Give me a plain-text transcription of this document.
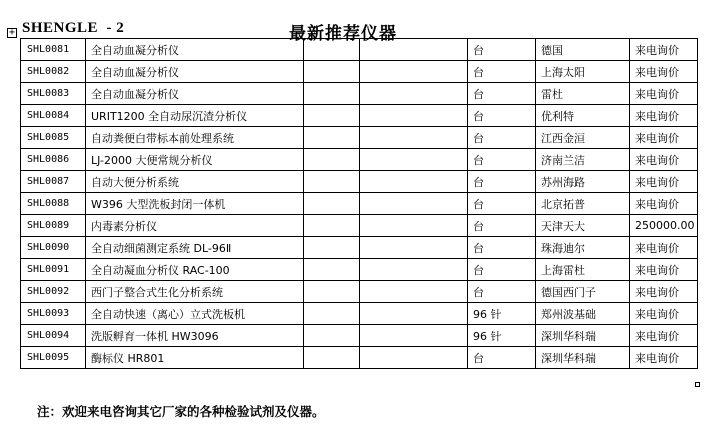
+ SHENGLE  - 2	最新推荐仪器
SHL0081	全自动血凝分析仪			台	德国	来电询价
SHL0082	全自动血凝分析仪			台	上海太阳	来电询价
SHL0083	全自动血凝分析仪			台	雷杜	来电询价
SHL0084	URIT1200 全自动尿沉渣分析仪			台	优利特	来电询价
SHL0085	自动粪便白带标本前处理系统			台	江西金洹	来电询价
SHL0086	LJ-2000 大便常规分析仪			台	济南兰洁	来电询价
SHL0087	自动大便分析系统			台	苏州海路	来电询价
SHL0088	W396 大型洗板封闭一体机			台	北京拓普	来电询价
SHL0089	内毒素分析仪			台	天津天大	250000.00
SHL0090	全自动细菌测定系统 DL-96Ⅱ			台	珠海迪尔	来电询价
SHL0091	全自动凝血分析仪 RAC-100			台	上海雷杜	来电询价
SHL0092	西门子整合式生化分析系统			台	德国西门子	来电询价
SHL0093	全自动快速（离心）立式洗板机			96 针	郑州波基础	来电询价
SHL0094	洗版孵育一体机 HW3096			96 针	深圳华科瑞	来电询价
SHL0095	酶标仪 HR801			台	深圳华科瑞	来电询价
注：欢迎来电咨询其它厂家的各种检验试剂及仪器。
